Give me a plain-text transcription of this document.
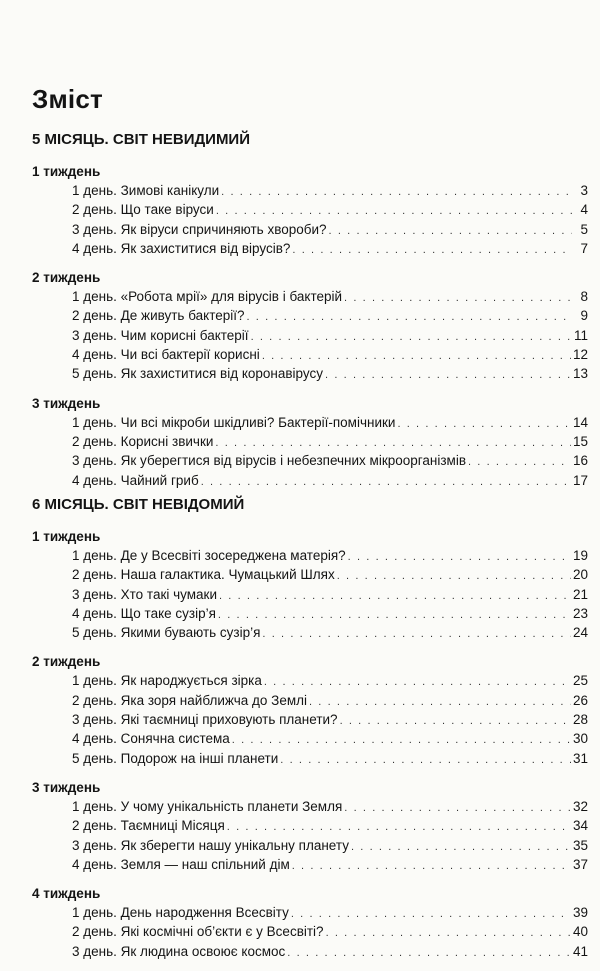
Зміст
5 МІСЯЦЬ. СВІТ НЕВИДИМИЙ
1 тиждень
1 день. Зимові канікули . . .	3
2 день. Що таке віруси . . .	4
3 день. Як віруси спричиняють хвороби? . . .	5
4 день. Як захиститися від вірусів? . . .	7
2 тиждень
1 день. «Робота мрії» для вірусів і бактерій . . .	8
2 день. Де живуть бактерії? . . .	9
3 день. Чим корисні бактерії . . .	11
4 день. Чи всі бактерії корисні . . .	12
5 день. Як захиститися від коронавірусу . . .	13
3 тиждень
1 день. Чи всі мікроби шкідливі? Бактерії-помічники . . .	14
2 день. Корисні звички . . .	15
3 день. Як уберегтися від вірусів і небезпечних мікроорганізмів . . .	16
4 день. Чайний гриб . . .	17
6 МІСЯЦЬ. СВІТ НЕВІДОМИЙ
1 тиждень
1 день. Де у Всесвіті зосереджена матерія? . . .	19
2 день. Наша галактика. Чумацький Шлях . . .	20
3 день. Хто такі чумаки . . .	21
4 день. Що таке сузір’я . . .	23
5 день. Якими бувають сузір’я . . .	24
2 тиждень
1 день. Як народжується зірка . . .	25
2 день. Яка зоря найближча до Землі . . .	26
3 день. Які таємниці приховують планети? . . .	28
4 день. Сонячна система . . .	30
5 день. Подорож на інші планети . . .	31
3 тиждень
1 день. У чому унікальність планети Земля . . .	32
2 день. Таємниці Місяця . . .	34
3 день. Як зберегти нашу унікальну планету . . .	35
4 день. Земля — наш спільний дім . . .	37
4 тиждень
1 день. День народження Всесвіту . . .	39
2 день. Які космічні об’єкти є у Всесвіті? . . .	40
3 день. Як людина освоює космос . . .	41
